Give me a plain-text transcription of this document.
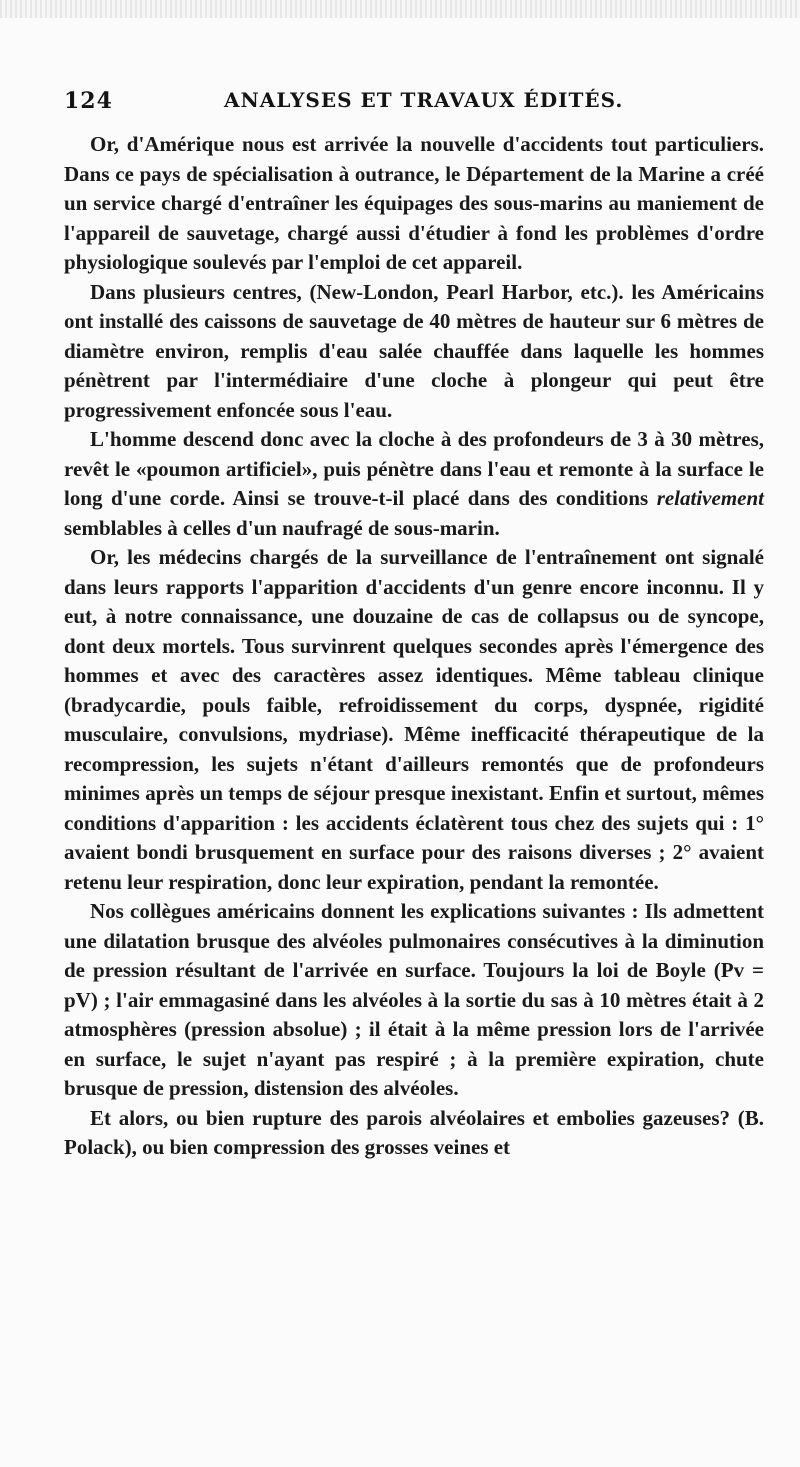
124	ANALYSES ET TRAVAUX ÉDITÉS.

Or, d'Amérique nous est arrivée la nouvelle d'accidents tout particuliers. Dans ce pays de spécialisation à outrance, le Département de la Marine a créé un service chargé d'entraîner les équipages des sous-marins au maniement de l'appareil de sauvetage, chargé aussi d'étudier à fond les problèmes d'ordre physiologique soulevés par l'emploi de cet appareil.

Dans plusieurs centres, (New-London, Pearl Harbor, etc.). les Américains ont installé des caissons de sauvetage de 40 mètres de hauteur sur 6 mètres de diamètre environ, remplis d'eau salée chauffée dans laquelle les hommes pénètrent par l'intermédiaire d'une cloche à plongeur qui peut être progressivement enfoncée sous l'eau.

L'homme descend donc avec la cloche à des profondeurs de 3 à 30 mètres, revêt le «poumon artificiel», puis pénètre dans l'eau et remonte à la surface le long d'une corde. Ainsi se trouve-t-il placé dans des conditions relativement semblables à celles d'un naufragé de sous-marin.

Or, les médecins chargés de la surveillance de l'entraînement ont signalé dans leurs rapports l'apparition d'accidents d'un genre encore inconnu. Il y eut, à notre connaissance, une douzaine de cas de collapsus ou de syncope, dont deux mortels. Tous survinrent quelques secondes après l'émergence des hommes et avec des caractères assez identiques. Même tableau clinique (bradycardie, pouls faible, refroidissement du corps, dyspnée, rigidité musculaire, convulsions, mydriase). Même inefficacité thérapeutique de la recompression, les sujets n'étant d'ailleurs remontés que de profondeurs minimes après un temps de séjour presque inexistant. Enfin et surtout, mêmes conditions d'apparition : les accidents éclatèrent tous chez des sujets qui : 1° avaient bondi brusquement en surface pour des raisons diverses ; 2° avaient retenu leur respiration, donc leur expiration, pendant la remontée.

Nos collègues américains donnent les explications suivantes : Ils admettent une dilatation brusque des alvéoles pulmonaires consécutives à la diminution de pression résultant de l'arrivée en surface. Toujours la loi de Boyle (Pv = pV) ; l'air emmagasiné dans les alvéoles à la sortie du sas à 10 mètres était à 2 atmosphères (pression absolue) ; il était à la même pression lors de l'arrivée en surface, le sujet n'ayant pas respiré ; à la première expiration, chute brusque de pression, distension des alvéoles.

Et alors, ou bien rupture des parois alvéolaires et embolies gazeuses? (B. Polack), ou bien compression des grosses veines et
